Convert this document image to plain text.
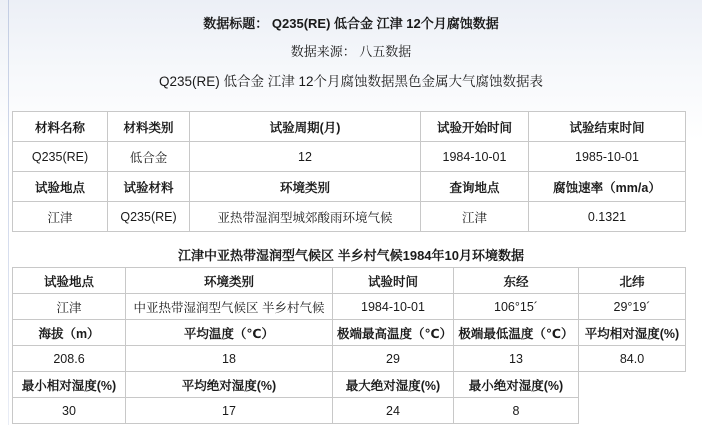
数据标题： Q235(RE) 低合金 江津 12个月腐蚀数据
数据来源： 八五数据
Q235(RE) 低合金 江津 12个月腐蚀数据黑色金属大气腐蚀数据表
材料名称	材料类别	试验周期(月)	试验开始时间	试验结束时间
Q235(RE)	低合金	12	1984-10-01	1985-10-01
试验地点	试验材料	环境类别	查询地点	腐蚀速率（mm/a）
江津	Q235(RE)	亚热带湿润型城郊酸雨环境气候	江津	0.1321
江津中亚热带湿润型气候区 半乡村气候1984年10月环境数据
试验地点	环境类别	试验时间	东经	北纬
江津	中亚热带湿润型气候区 半乡村气候	1984-10-01	106°15´	29°19´
海拔（m）	平均温度（℃）	极端最高温度（℃）	极端最低温度（℃）	平均相对湿度(%)
208.6	18	29	13	84.0
最小相对湿度(%)	平均绝对湿度(%)	最大绝对湿度(%)	最小绝对湿度(%)	
30	17	24	8	
